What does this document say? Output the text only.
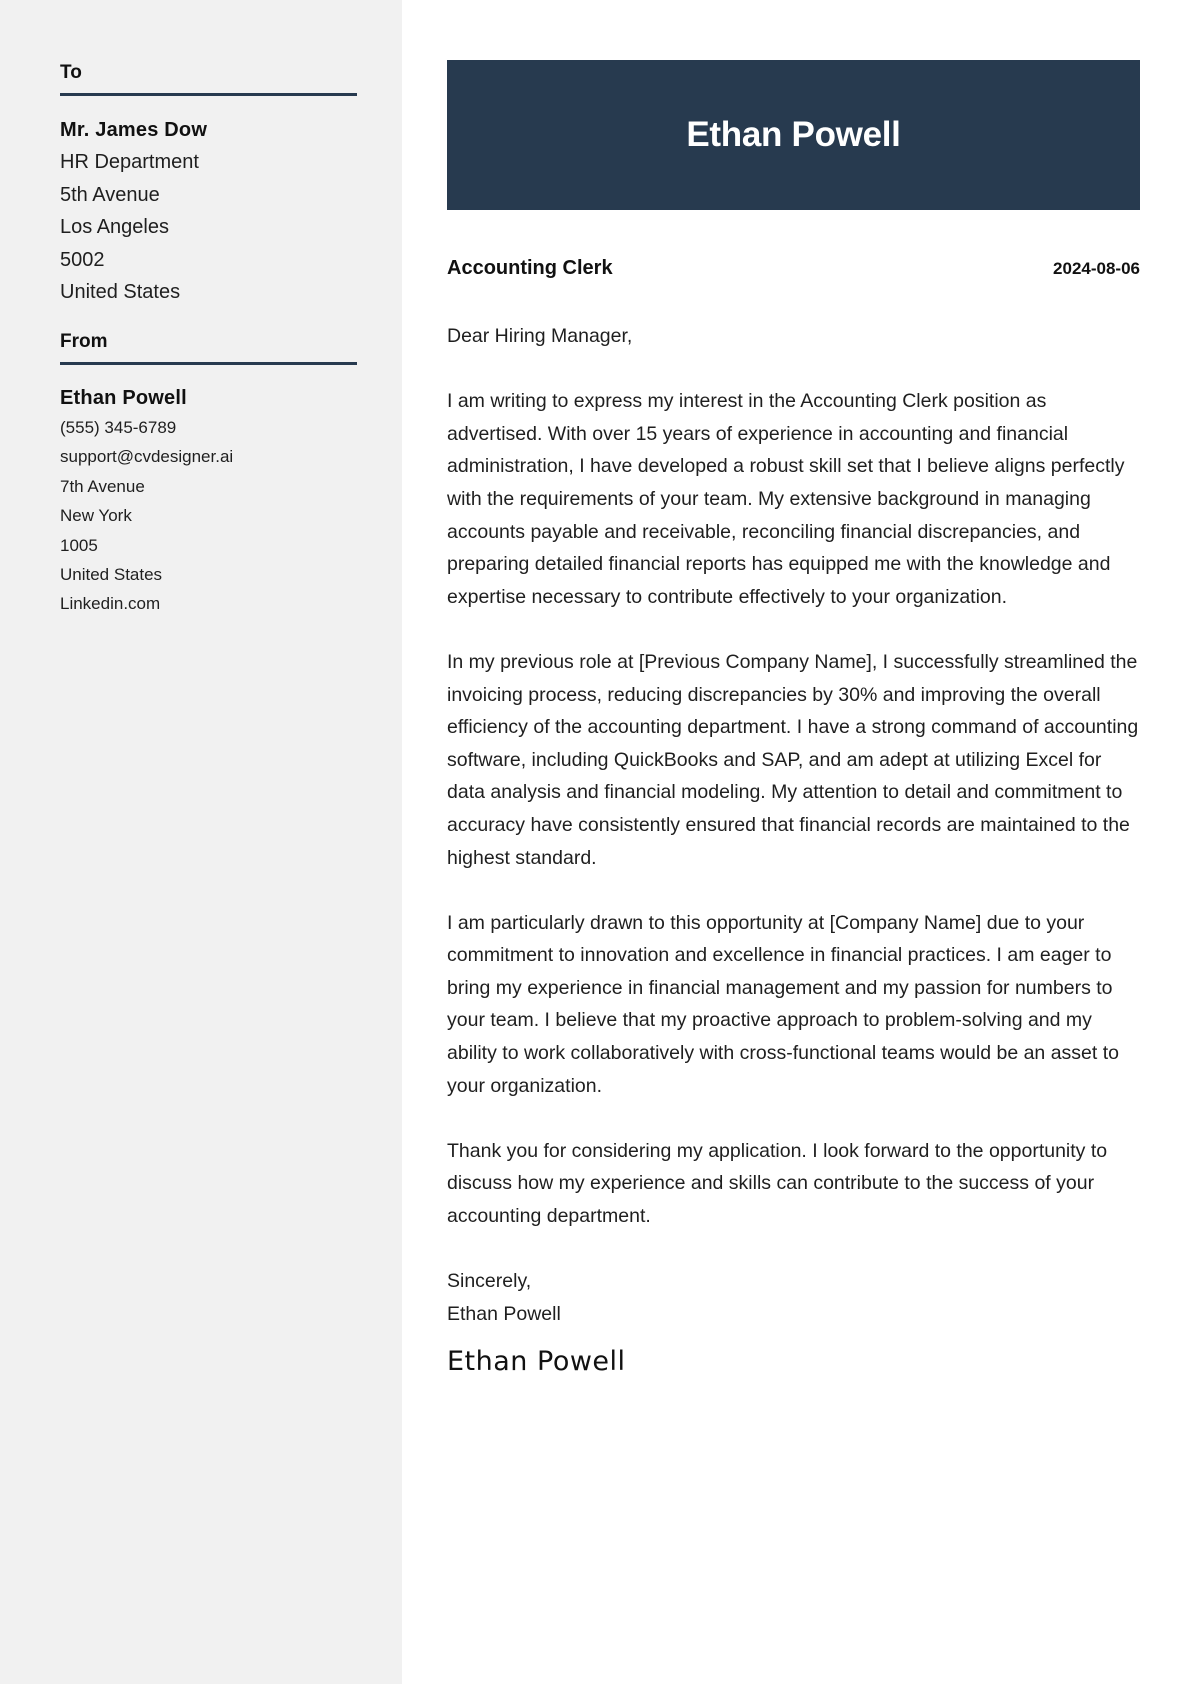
To
Mr. James Dow
HR Department
5th Avenue
Los Angeles
5002
United States
From
Ethan Powell
(555) 345-6789
support@cvdesigner.ai
7th Avenue
New York
1005
United States
Linkedin.com
Ethan Powell
Accounting Clerk	2024-08-06

Dear Hiring Manager,

I am writing to express my interest in the Accounting Clerk position as advertised. With over 15 years of experience in accounting and financial administration, I have developed a robust skill set that I believe aligns perfectly with the requirements of your team. My extensive background in managing accounts payable and receivable, reconciling financial discrepancies, and preparing detailed financial reports has equipped me with the knowledge and expertise necessary to contribute effectively to your organization.

In my previous role at [Previous Company Name], I successfully streamlined the invoicing process, reducing discrepancies by 30% and improving the overall efficiency of the accounting department. I have a strong command of accounting software, including QuickBooks and SAP, and am adept at utilizing Excel for data analysis and financial modeling. My attention to detail and commitment to accuracy have consistently ensured that financial records are maintained to the highest standard.

I am particularly drawn to this opportunity at [Company Name] due to your commitment to innovation and excellence in financial practices. I am eager to bring my experience in financial management and my passion for numbers to your team. I believe that my proactive approach to problem-solving and my ability to work collaboratively with cross-functional teams would be an asset to your organization.

Thank you for considering my application. I look forward to the opportunity to discuss how my experience and skills can contribute to the success of your accounting department.

Sincerely,
Ethan Powell
Ethan Powell
